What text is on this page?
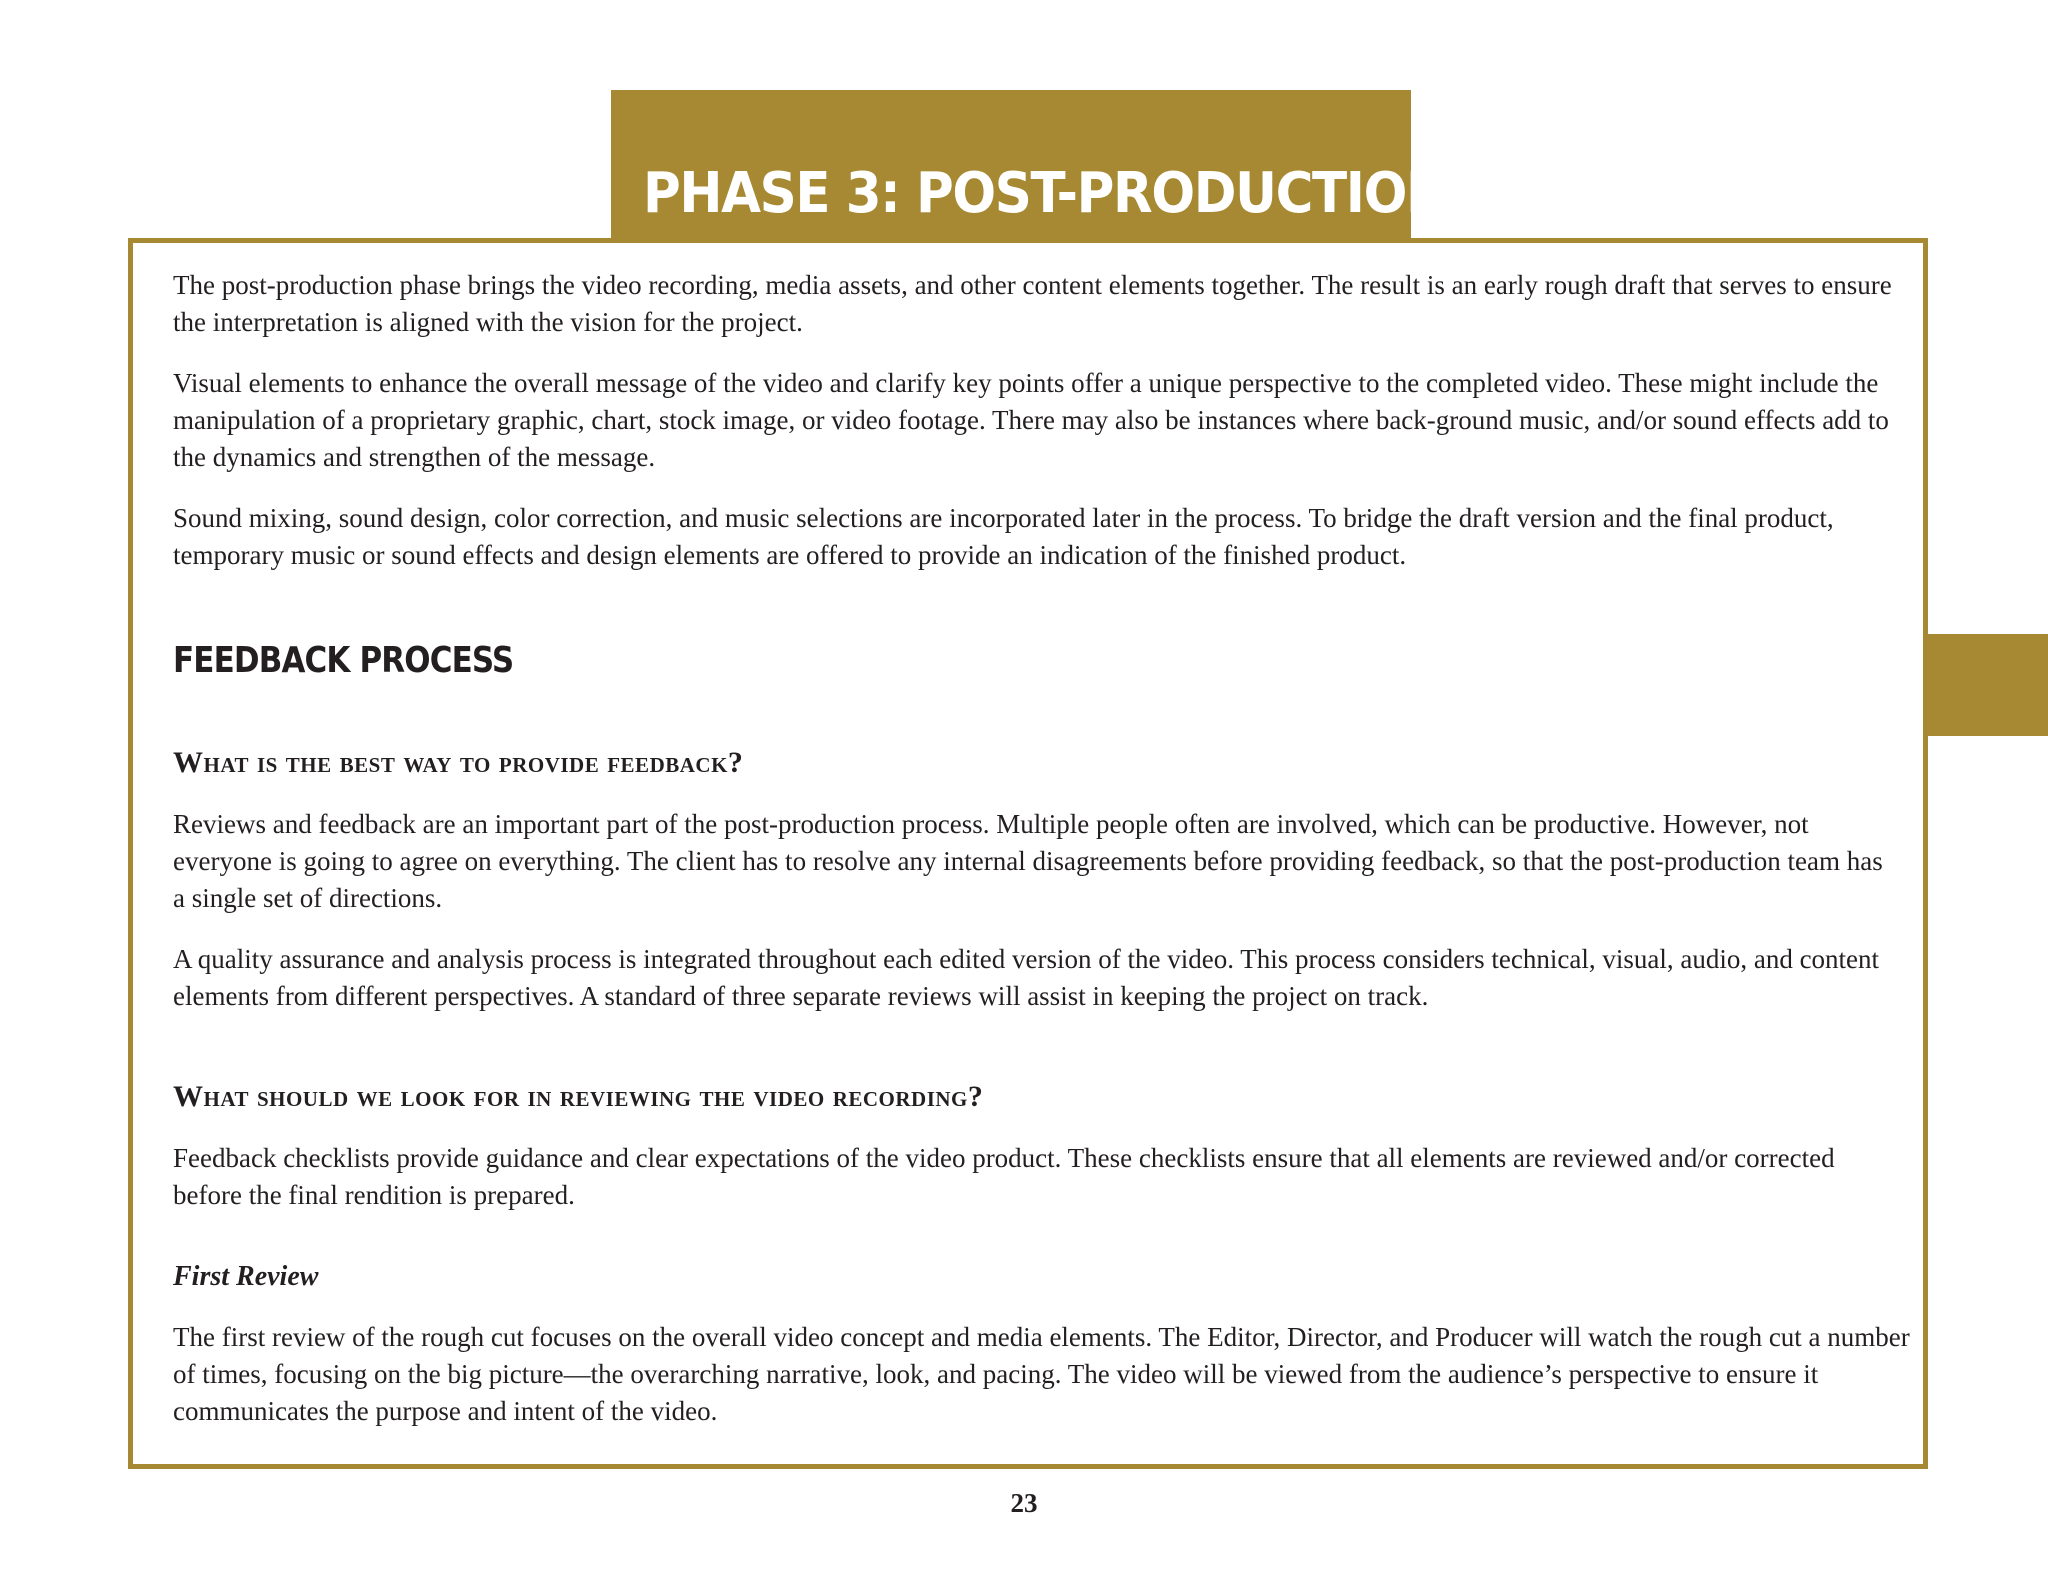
PHASE 3: POST-PRODUCTION

The post-production phase brings the video recording, media assets, and other content elements together. The result is an early rough draft that serves to ensure the interpretation is aligned with the vision for the project.

Visual elements to enhance the overall message of the video and clarify key points offer a unique perspective to the completed video. These might include the manipulation of a proprietary graphic, chart, stock image, or video footage. There may also be instances where back-ground music, and/or sound effects add to the dynamics and strengthen of the message.

Sound mixing, sound design, color correction, and music selections are incorporated later in the process. To bridge the draft version and the final product, temporary music or sound effects and design elements are offered to provide an indication of the finished product.

FEEDBACK PROCESS
What is the best way to provide feedback?

Reviews and feedback are an important part of the post-production process. Multiple people often are involved, which can be productive. However, not everyone is going to agree on everything. The client has to resolve any internal disagreements before providing feedback, so that the post-production team has a single set of directions.

A quality assurance and analysis process is integrated throughout each edited version of the video. This process considers technical, visual, audio, and content elements from different perspectives. A standard of three separate reviews will assist in keeping the project on track.

What should we look for in reviewing the video recording?

Feedback checklists provide guidance and clear expectations of the video product. These checklists ensure that all elements are reviewed and/or corrected before the final rendition is prepared.

First Review

The first review of the rough cut focuses on the overall video concept and media elements. The Editor, Director, and Producer will watch the rough cut a number of times, focusing on the big picture—the overarching narrative, look, and pacing. The video will be viewed from the audience’s perspective to ensure it communicates the purpose and intent of the video.

23
